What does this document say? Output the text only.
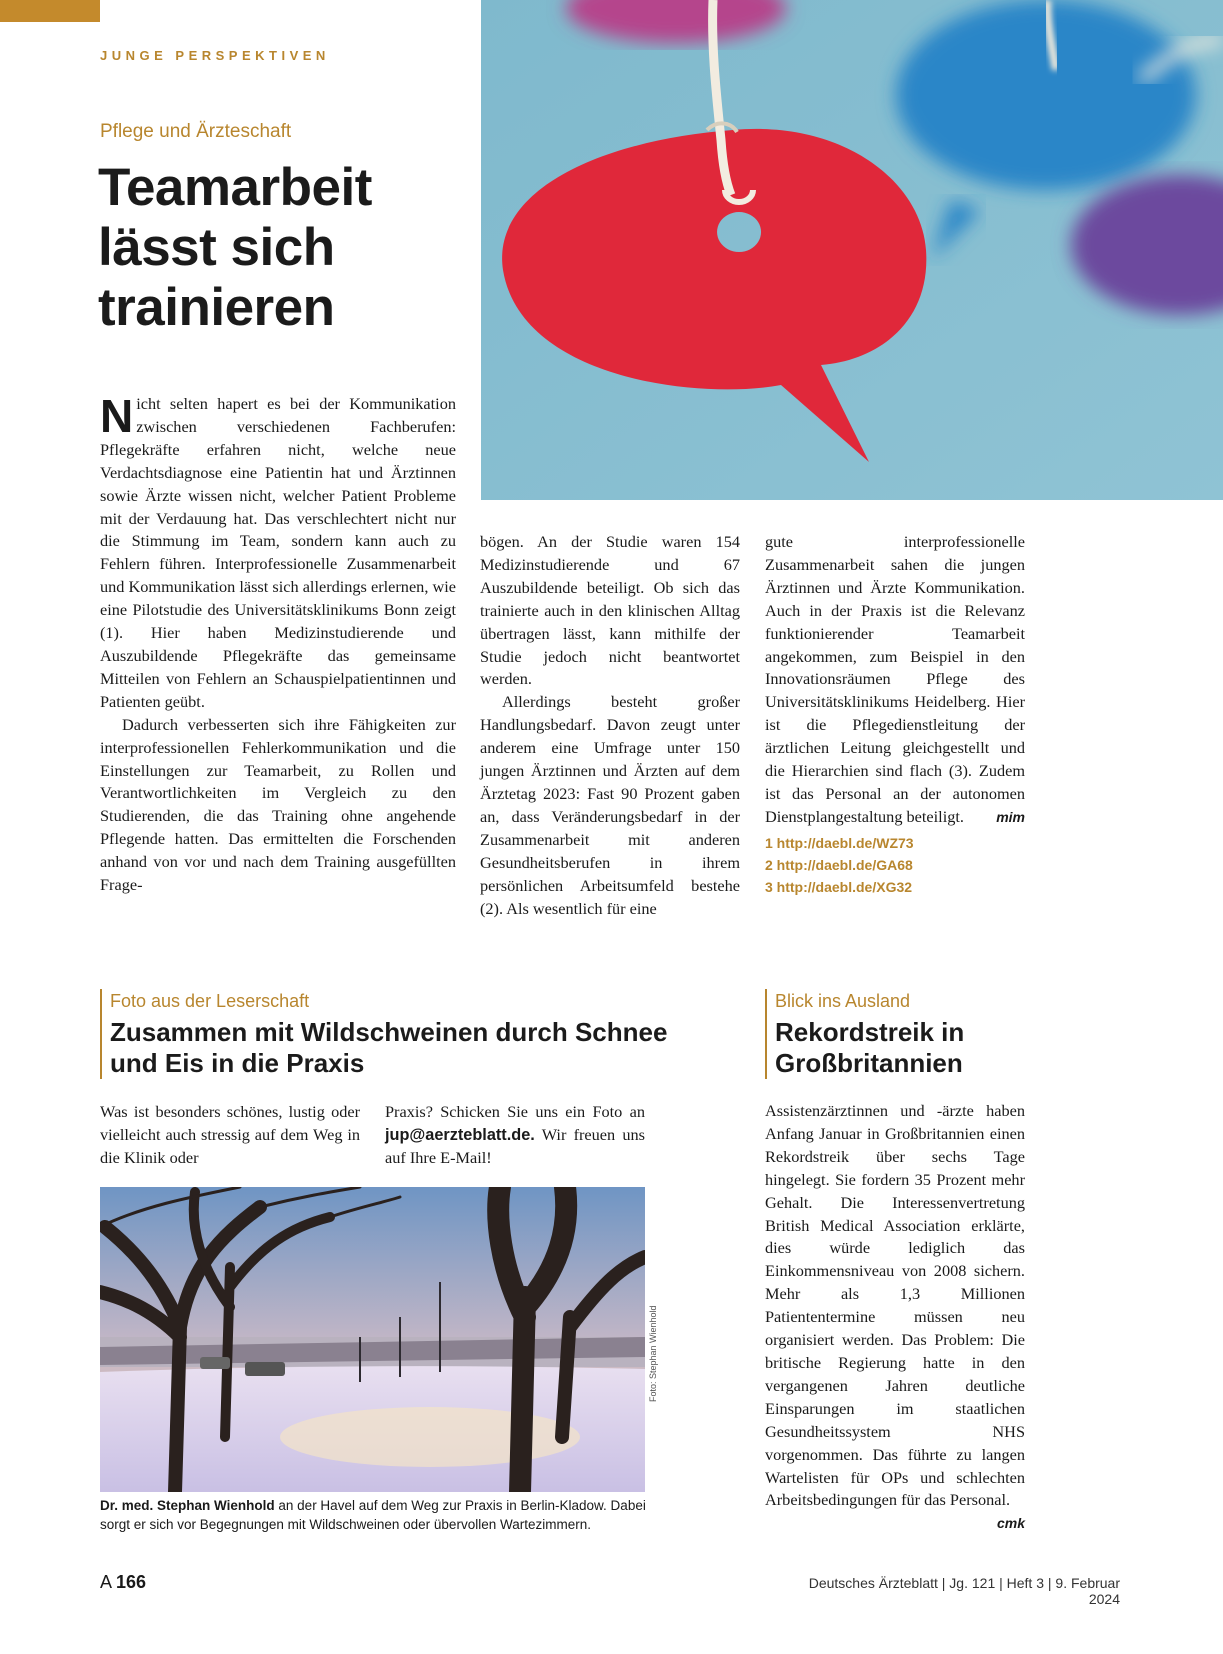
JUNGE PERSPEKTIVEN
Pflege und Ärzteschaft
Teamarbeit lässt sich trainieren

Nicht selten hapert es bei der Kommunikation zwischen verschiedenen Fachberufen: Pflegekräfte erfahren nicht, welche neue Verdachtsdiagnose eine Patientin hat und Ärztinnen sowie Ärzte wissen nicht, welcher Patient Probleme mit der Verdauung hat. Das verschlechtert nicht nur die Stimmung im Team, sondern kann auch zu Fehlern führen. Interprofessionelle Zusammenarbeit und Kommunikation lässt sich allerdings erlernen, wie eine Pilotstudie des Universitätsklinikums Bonn zeigt (1). Hier haben Medizinstudierende und Auszubildende Pflegekräfte das gemeinsame Mitteilen von Fehlern an Schauspielpatientinnen und Patienten geübt.

Dadurch verbesserten sich ihre Fähigkeiten zur interprofessionellen Fehlerkommunikation und die Einstellungen zur Teamarbeit, zu Rollen und Verantwortlichkeiten im Vergleich zu den Studierenden, die das Training ohne angehende Pflegende hatten. Das ermittelten die Forschenden anhand von vor und nach dem Training ausgefüllten Frage-

bögen. An der Studie waren 154 Medizinstudierende und 67 Auszubildende beteiligt. Ob sich das trainierte auch in den klinischen Alltag übertragen lässt, kann mithilfe der Studie jedoch nicht beantwortet werden.

Allerdings besteht großer Handlungsbedarf. Davon zeugt unter anderem eine Umfrage unter 150 jungen Ärztinnen und Ärzten auf dem Ärztetag 2023: Fast 90 Prozent gaben an, dass Veränderungsbedarf in der Zusammenarbeit mit anderen Gesundheitsberufen in ihrem persönlichen Arbeitsumfeld bestehe (2). Als wesentlich für eine

gute interprofessionelle Zusammenarbeit sahen die jungen Ärztinnen und Ärzte Kommunikation. Auch in der Praxis ist die Relevanz funktionierender Teamarbeit angekommen, zum Beispiel in den Innovationsräumen Pflege des Universitätsklinikums Heidelberg. Hier ist die Pflegedienstleitung der ärztlichen Leitung gleichgestellt und die Hierarchien sind flach (3). Zudem ist das Personal an der autonomen Dienstplangestaltung beteiligt. mim

1 http://daebl.de/WZ73
2 http://daebl.de/GA68
3 http://daebl.de/XG32
Foto aus der Leserschaft
Zusammen mit Wildschweinen durch Schnee und Eis in die Praxis

Was ist besonders schönes, lustig oder vielleicht auch stressig auf dem Weg in die Klinik oder

Praxis? Schicken Sie uns ein Foto an jup@aerzteblatt.de. Wir freuen uns auf Ihre E-Mail!

Foto: Stephan Wienhold
Dr. med. Stephan Wienhold an der Havel auf dem Weg zur Praxis in Berlin-Kladow. Dabei sorgt er sich vor Begegnungen mit Wildschweinen oder übervollen Wartezimmern.
Blick ins Ausland
Rekordstreik in Großbritannien

Assistenzärztinnen und -ärzte haben Anfang Januar in Großbritannien einen Rekordstreik über sechs Tage hingelegt. Sie fordern 35 Prozent mehr Gehalt. Die Interessenvertretung British Medical Association erklärte, dies würde lediglich das Einkommensniveau von 2008 sichern. Mehr als 1,3 Millionen Patiententermine müssen neu organisiert werden. Das Problem: Die britische Regierung hatte in den vergangenen Jahren deutliche Einsparungen im staatlichen Gesundheitssystem NHS vorgenommen. Das führte zu langen Wartelisten für OPs und schlechten Arbeitsbedingungen für das Personal.
cmk

A 166	Deutsches Ärzteblatt | Jg. 121 | Heft 3 | 9. Februar 2024
